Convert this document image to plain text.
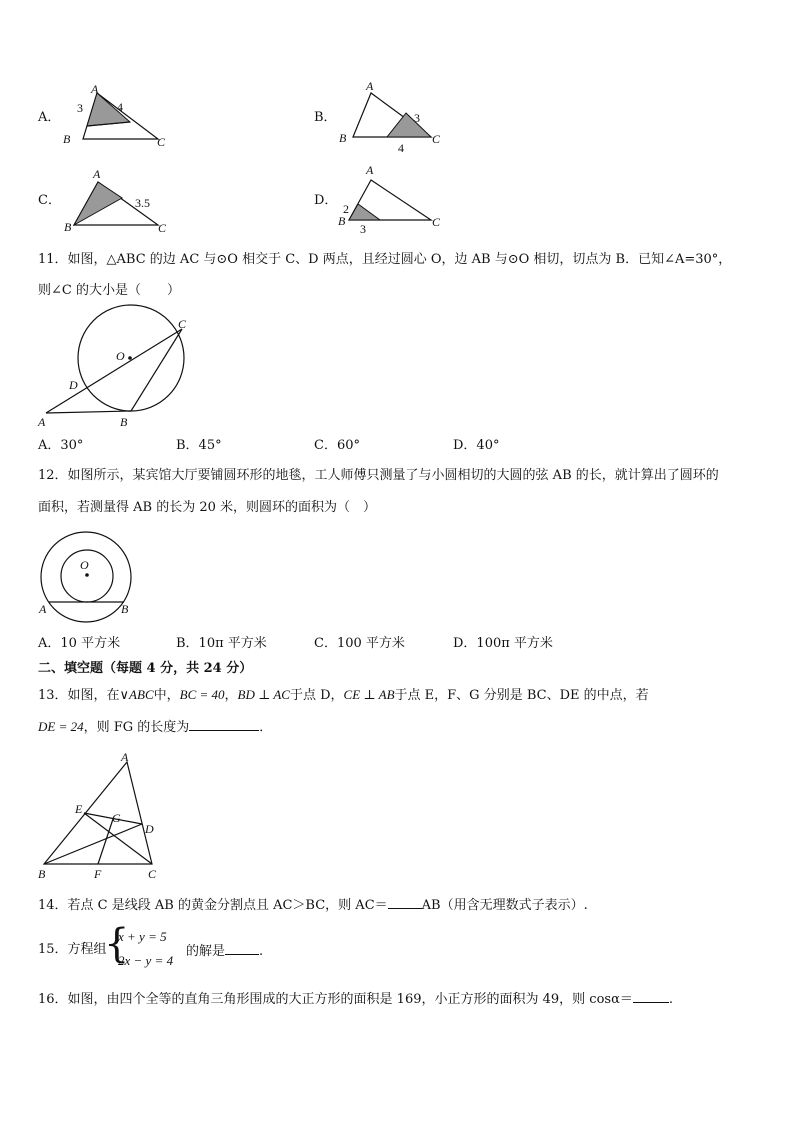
A．
A
B	C
3	4
B．
A
B	C
3
4
C．
A
B	C
3.5	D．
A
B	C
2
3
11．如图，△ABC 的边 AC 与⊙O 相交于 C、D 两点，且经过圆心 O，边 AB 与⊙O 相切，切点为 B．已知∠A=30°，
则∠C 的大小是（　　）
O
C
D
A	B
A．30°	B．45°	C．60°	D．40°
12．如图所示，某宾馆大厅要铺圆环形的地毯，工人师傅只测量了与小圆相切的大圆的弦 AB 的长，就计算出了圆环的
面积，若测量得 AB 的长为 20 米，则圆环的面积为（　）
O
A	B
A．10 平方米	B．10π 平方米	C．100 平方米	D．100π 平方米
二、填空题（每题 4 分，共 24 分）
13．如图，在∨ABC中，BC = 40，BD ⊥ AC于点 D，CE ⊥ AB于点 E，F、G 分别是 BC、DE 的中点，若
DE = 24，则 FG 的长度为	．
A
E
G
D
B	F	C
14．若点 C 是线段 AB 的黄金分割点且 AC＞BC，则 AC＝	AB（用含无理数式子表示）.
15．方程组
{
x + y = 5
2x − y = 4
的解是	.
16．如图，由四个全等的直角三角形围成的大正方形的面积是 169，小正方形的面积为 49，则 cosα＝	.
